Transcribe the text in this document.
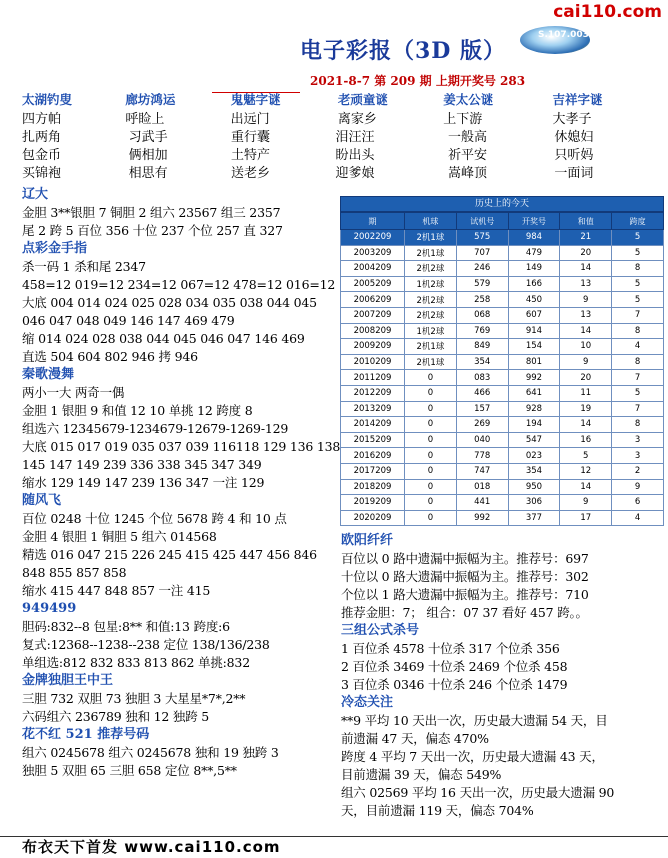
cai110.com
电子彩报（3D 版）
S.107.003
2021-8-7 第 209 期 上期开奖号 283
太湖钓叟	廊坊鸿运	鬼魅字谜	老顽童谜	姜太公谜	吉祥字谜
四方帕	呼睑上	出远门	离家乡	上下游	大孝子
扎两角	习武手	重行囊	泪汪汪	一般高	休媳妇
包金币	俩相加	土特产	盼出头	祈平安	只听妈
买锦袍	相思有	送老乡	迎爹娘	嵩峰顶	一面词
辽大
金胆 3**银胆 7 铜胆 2 组六 23567 组三 2357
尾 2 跨 5 百位 356 十位 237 个位 257 直 327
点彩金手指
杀一码 1 杀和尾 2347
458=12 019=12 234=12 067=12 478=12 016=12
大底 004 014 024 025 028 034 035 038 044 045
046 047 048 049 146 147 469 479
缩 014 024 028 038 044 045 046 047 146 469
直选 504 604 802 946 拷 946
秦歌漫舞
两小一大 两奇一偶
金胆 1 银胆 9 和值 12 10 单挑 12 跨度 8
组选六 12345679-1234679-12679-1269-129
大底 015 017 019 035 037 039 116118 129 136 138
145 147 149 239 336 338 345 347 349
缩水 129 149 147 239 136 347 一注 129
随风飞
百位 0248 十位 1245 个位 5678 跨 4 和 10 点
金胆 4 银胆 1 铜胆 5 组六 014568
精选 016 047 215 226 245 415 425 447 456 846
848 855 857 858
缩水 415 447 848 857 一注 415
949499
胆码:832--8 包星:8** 和值:13 跨度:6
复式:12368--1238--238 定位 138/136/238
单组选:812 832 833 813 862 单挑:832
金牌独胆王中王
三胆 732 双胆 73 独胆 3 大星星*7*,2**
六码组六 236789 独和 12 独跨 5
花不红 521 推荐号码
组六 0245678 组六 0245678 独和 19 独跨 3
独胆 5 双胆 65 三胆 658 定位 8**,5**
历史上的今天
期	机球	试机号	开奖号	和值	跨度
2002209	2机1球	575	984	21	5
2003209	2机1球	707	479	20	5
2004209	2机2球	246	149	14	8
2005209	1机2球	579	166	13	5
2006209	2机2球	258	450	9	5
2007209	2机2球	068	607	13	7
2008209	1机2球	769	914	14	8
2009209	2机1球	849	154	10	4
2010209	2机1球	354	801	9	8
2011209	0	083	992	20	7
2012209	0	466	641	11	5
2013209	0	157	928	19	7
2014209	0	269	194	14	8
2015209	0	040	547	16	3
2016209	0	778	023	5	3
2017209	0	747	354	12	2
2018209	0	018	950	14	9
2019209	0	441	306	9	6
2020209	0	992	377	17	4
欧阳纤纤
百位以 0 路中遗漏中振幅为主。推荐号：697
十位以 0 路大遗漏中振幅为主。推荐号：302
个位以 1 路大遗漏中振幅为主。推荐号：710
推荐金胆：7； 组合：07 37 看好 457 跨。。
三组公式杀号
1 百位杀 4578 十位杀 317 个位杀 356
2 百位杀 3469 十位杀 2469 个位杀 458
3 百位杀 0346 十位杀 246 个位杀 1479
冷态关注
**9 平均 10 天出一次，历史最大遗漏 54 天，目
前遗漏 47 天，偏态 470%
跨度 4 平均 7 天出一次，历史最大遗漏 43 天，
目前遗漏 39 天，偏态 549%
组六 02569 平均 16 天出一次，历史最大遗漏 90
天，目前遗漏 119 天，偏态 704%
布衣天下首发 www.cai110.com
